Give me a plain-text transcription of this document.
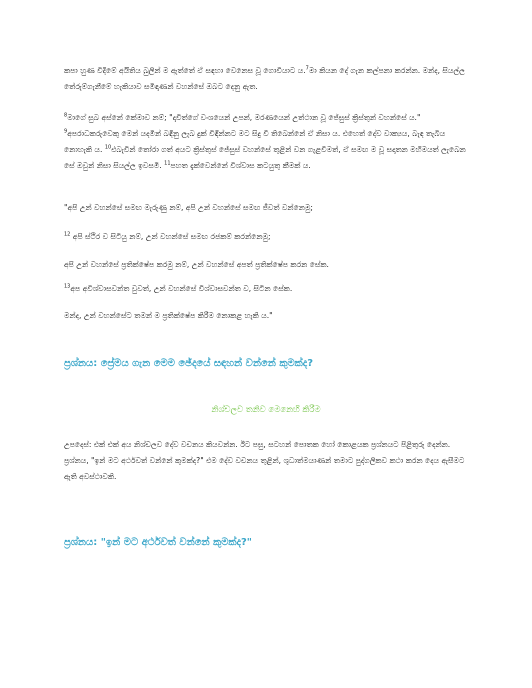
කපා හුණ විදිමේ අයිතිය බුලින් ම ඇත්තේ ඒ සඳහා වෙනෙස වූ ගොවියාට ය.$^7$මා කියන දේ ගැන කල්පනා කරන්න. මන්ද, සියල්ල තේරුම්ගැනීමේ හැකියාව සමිඳාණන් වහන්සේ ඔබට දෙනු ඇත.

$^8$මාගේ සුබ අස්නේ කේමාව නම්; "දාවිත්ගේ වංශයෙන් උපන්, මරණයෙන් උත්ථාන වූ ජේසුස් ක්‍රිස්තුන් වහන්සේ ය." $^9$අපරාධකරුවෙකු මෙන් යදමින් බඳිනු ලැබ දුක් විඳින්නට මට සිදු වී තිබෙන්නේ ඒ නිසා ය. එහෙත් දේව වාක්‍යය, බැඳ තැබිය නොහැකි ය. $^{10}$එබැවින් තෝරා ගත් අයට ක්‍රිස්තුස් ජේසුස් වහන්සේ තුළින් වන ගැළවීමත්, ඒ සමඟ ම වූ සදාතන මහිමයත් ලැබෙන සේ ඔවුන් නිසා සියල්ල ඉවසමි. $^{11}$පහත දැක්වෙන්නේ විශ්වාස කටයුතු කීමක් ය.

"අපි උන් වහන්සේ සමඟ මැරුණු නම්, අපි උන් වහන්සේ සමඟ ජීවත් වන්නෙමු;

$^{12}$ අපි ස්ථිර ව සිටියු නම්, උන් වහන්සේ සමඟ රජකම් කරන්නෙමු;

අපි උන් වහන්සේ ප්‍රතික්ෂේප කරමු නම්, උන් වහන්සේ අපත් ප්‍රතික්ෂේප කරන සේක.

$^{13}$අප අවිශ්වාසවන්ත වුවත්, උන් වහන්සේ විශ්වාසවන්ත ව, සිටින සේක.

මන්ද, උන් වහන්සේට තමන් ම ප්‍රතික්ෂේප කිරීම නොකළ හැකි ය."

ප්‍රශ්නය: ප්‍රේමය ගැන මෙම ඡේදයේ සඳහන් වන්නේ කුමක්ද?

නිශ්චලව තනිව මෙනෙහි කිරීම

උපදෙස්: එක් එක් අය නිශ්චලව දේව වචනය කියවන්න. ඊට පසු, සටහන් පොතක හෝ කොළයක ප්‍රශ්නයට පිළිතුරු දෙන්න. ප්‍රශ්නය, "ඉන් මට අර්ථවත් වන්නේ කුමක්ද?" එම දේව වචනය තුළින්, ශුධාත්මයාණන් තමාට පුද්ගලිකව කථා කරන දෙය ඇසීමට ඇති අවස්ථාවකි.

ප්‍රශ්නය: "ඉන් මට අර්ථවත් වන්නේ කුමක්ද?"
